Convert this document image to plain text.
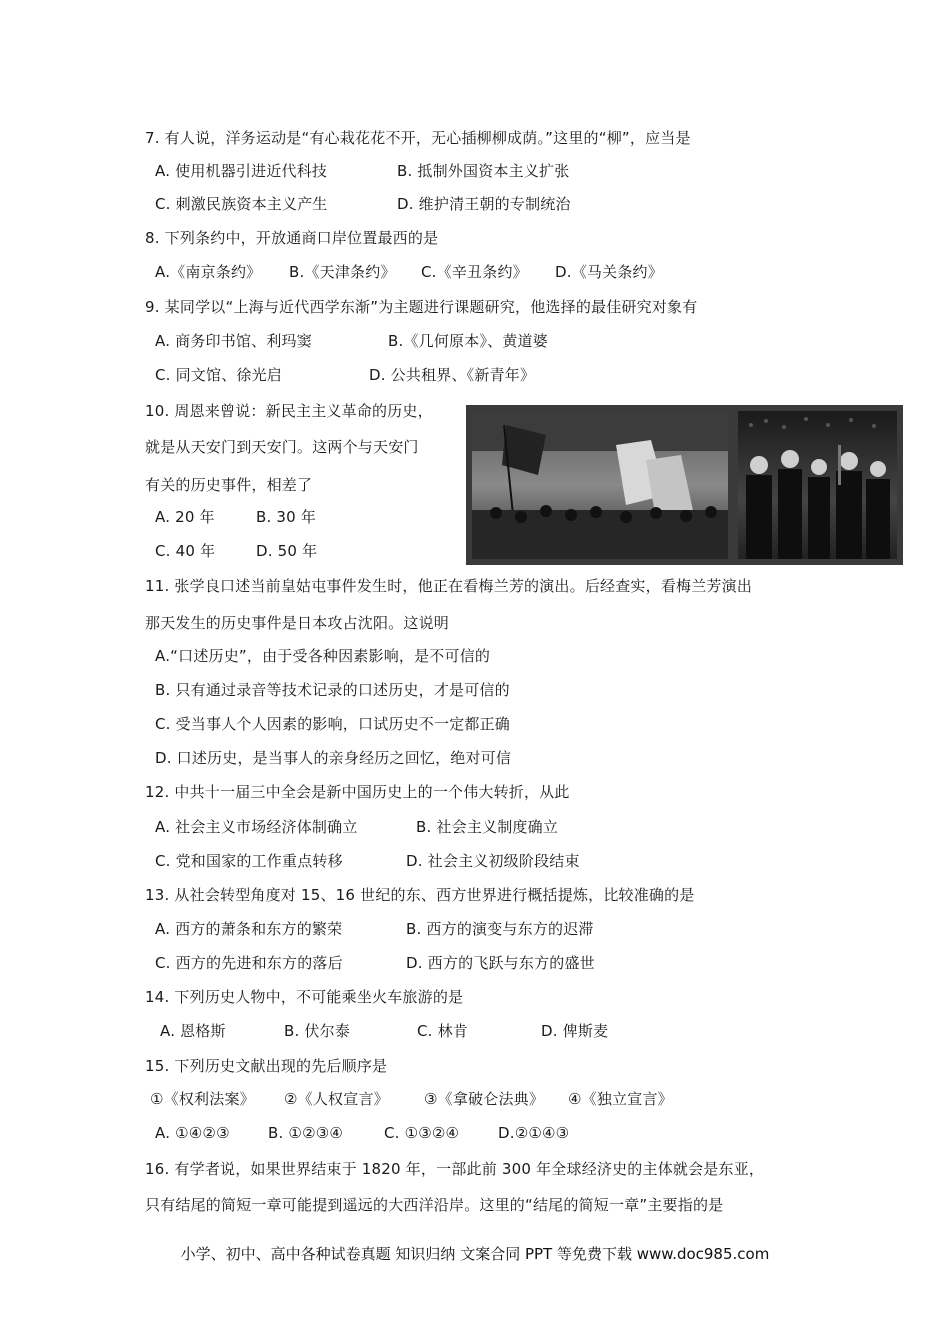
7. 有人说，洋务运动是“有心栽花花不开，无心插柳柳成荫。”这里的“柳”，应当是
A. 使用机器引进近代科技	B. 抵制外国资本主义扩张
C. 刺激民族资本主义产生	D. 维护清王朝的专制统治
8. 下列条约中，开放通商口岸位置最西的是
A.《南京条约》 B.《天津条约》 C.《辛丑条约》 D.《马关条约》
9. 某同学以“上海与近代西学东渐”为主题进行课题研究，他选择的最佳研究对象有
A. 商务印书馆、利玛窦	B.《几何原本》、黄道婆
C. 同文馆、徐光启	D. 公共租界、《新青年》
10. 周恩来曾说：新民主主义革命的历史，
就是从天安门到天安门。这两个与天安门
有关的历史事件，相差了
A. 20 年	B. 30 年
C. 40 年	D. 50 年
11. 张学良口述当前皇姑屯事件发生时，他正在看梅兰芳的演出。后经查实，看梅兰芳演出
那天发生的历史事件是日本攻占沈阳。这说明
A.“口述历史”，由于受各种因素影响，是不可信的
B. 只有通过录音等技术记录的口述历史，才是可信的
C. 受当事人个人因素的影响，口试历史不一定都正确
D. 口述历史，是当事人的亲身经历之回忆，绝对可信
12. 中共十一届三中全会是新中国历史上的一个伟大转折，从此
A. 社会主义市场经济体制确立	B. 社会主义制度确立
C. 党和国家的工作重点转移	D. 社会主义初级阶段结束
13. 从社会转型角度对 15、16 世纪的东、西方世界进行概括提炼，比较准确的是
A. 西方的萧条和东方的繁荣	B. 西方的演变与东方的迟滞
C. 西方的先进和东方的落后	D. 西方的飞跃与东方的盛世
14. 下列历史人物中，不可能乘坐火车旅游的是
A. 恩格斯	B. 伏尔泰	C. 林肯	D. 俾斯麦
15. 下列历史文献出现的先后顺序是
①《权利法案》 ②《人权宣言》 ③《拿破仑法典》 ④《独立宣言》
A. ①④②③	B. ①②③④	C. ①③②④	D.②①④③
16. 有学者说，如果世界结束于 1820 年，一部此前 300 年全球经济史的主体就会是东亚，
只有结尾的简短一章可能提到遥远的大西洋沿岸。这里的“结尾的简短一章”主要指的是
小学、初中、高中各种试卷真题 知识归纳 文案合同 PPT 等免费下载 www.doc985.com
